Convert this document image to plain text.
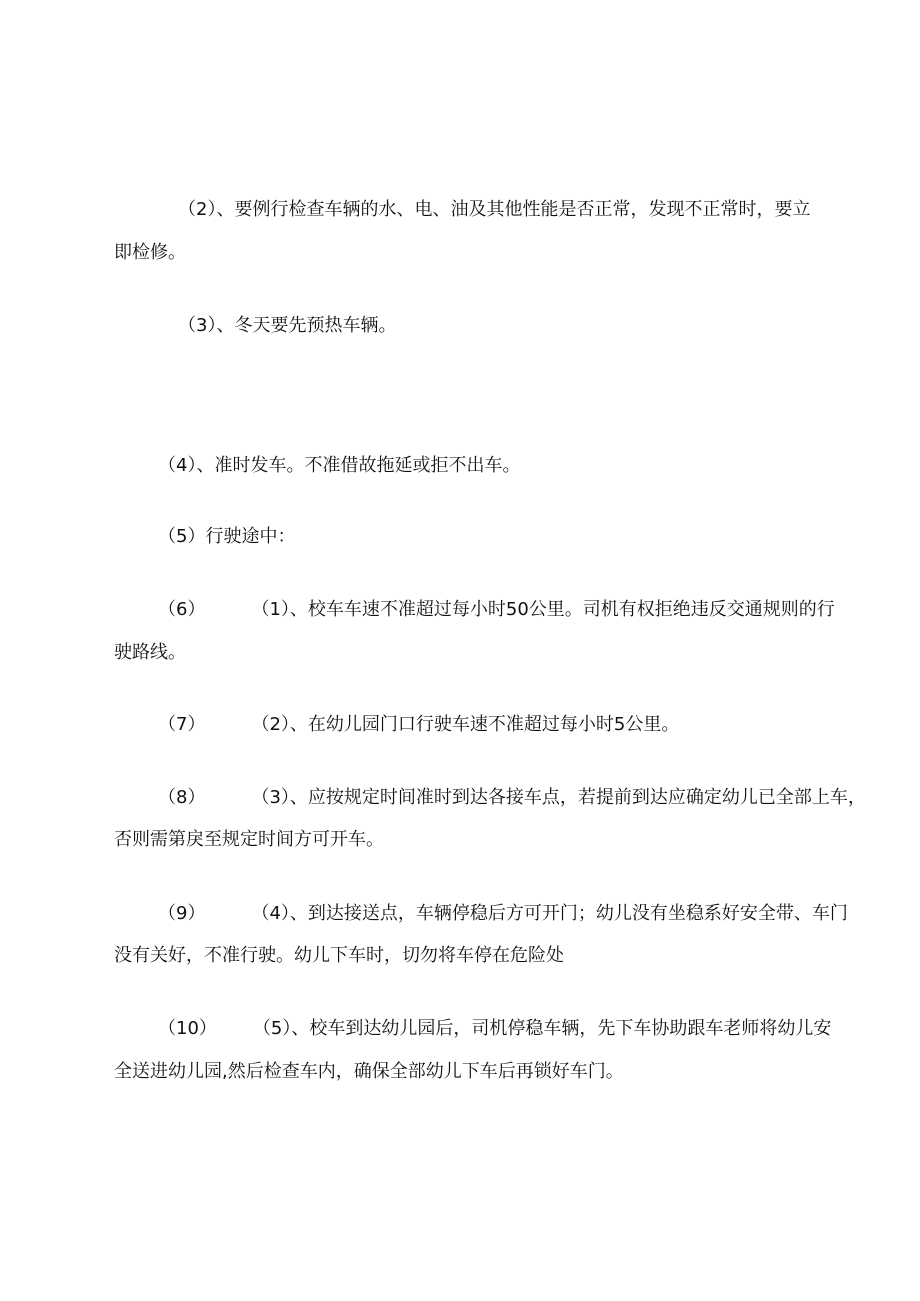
（2）、要例行检查车辆的水、电、油及其他性能是否正常，发现不正常时，要立
即检修。
（3）、冬天要先预热车辆。
（4）、准时发车。不准借故拖延或拒不出车。
（5）行驶途中：
（6）	（1）、校车车速不准超过每小时50公里。司机有权拒绝违反交通规则的行
驶路线。
（7）	（2）、在幼儿园门口行驶车速不准超过每小时5公里。
（8）	（3）、应按规定时间准时到达各接车点，若提前到达应确定幼儿已全部上车，
否则需第戾至规定时间方可开车。
（9）	（4）、到达接送点，车辆停稳后方可开门；幼儿没有坐稳系好安全带、车门
没有关好，不准行驶。幼儿下车时，切勿将车停在危险处
（10） （5）、校车到达幼儿园后，司机停稳车辆，先下车协助跟车老师将幼儿安
全送进幼儿园,然后检查车内，确保全部幼儿下车后再锁好车门。
